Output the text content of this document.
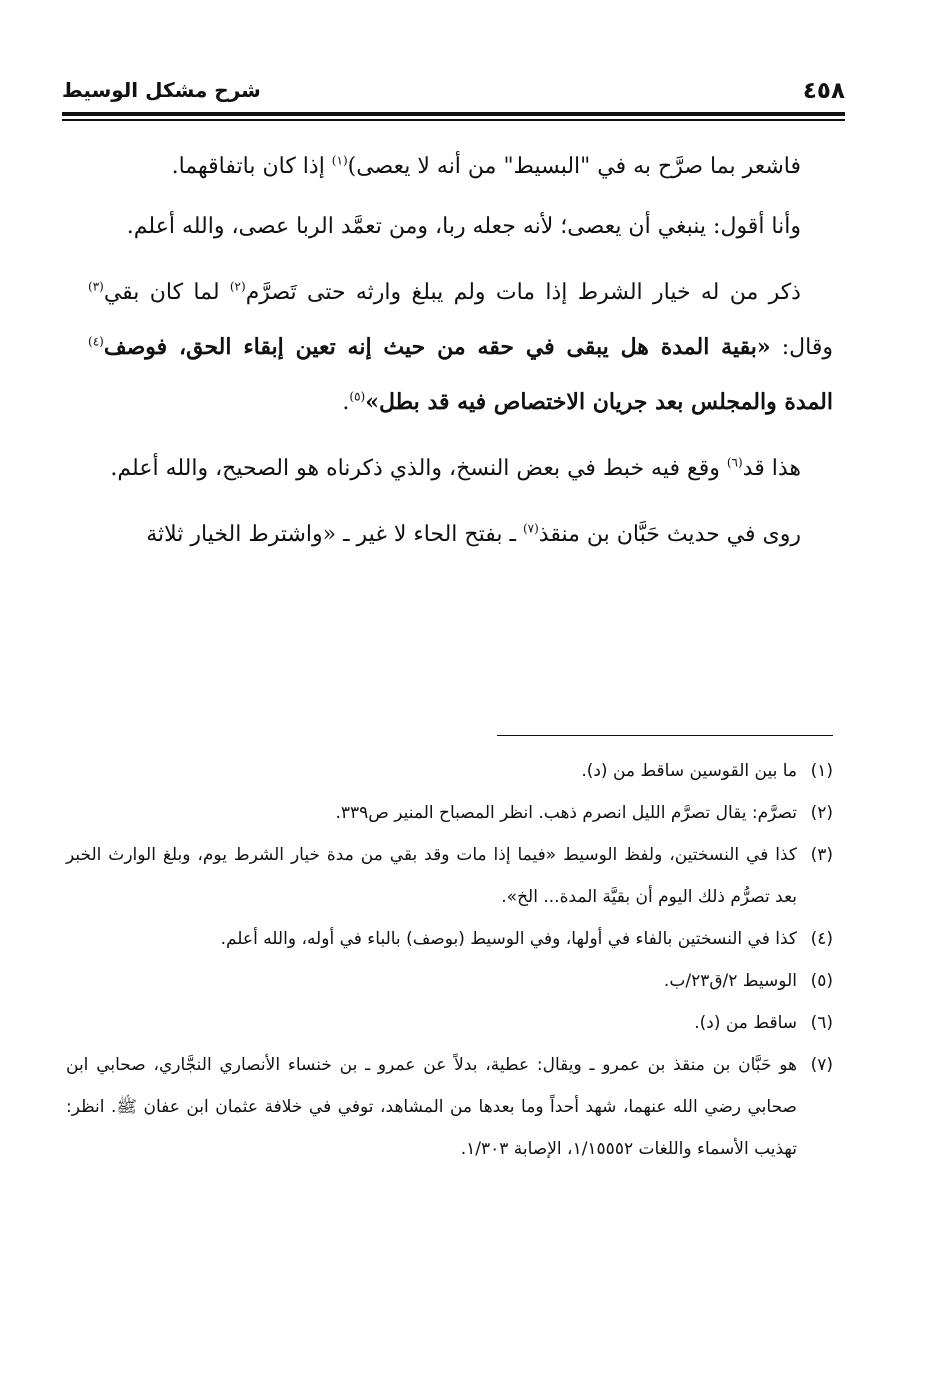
٤٥٨
شرح مشكل الوسيط

فاشعر بما صرَّح به في "البسيط" من أنه لا يعصى)$^{(١)}$ إذا كان باتفاقهما.

وأنا أقول: ينبغي أن يعصى؛ لأنه جعله ربا، ومن تعمَّد الربا عصى، والله أعلم.

ذكر من له خيار الشرط إذا مات ولم يبلغ وارثه حتى تَصرَّم$^{(٢)}$ لما كان بقي$^{(٣)}$ وقال: «بقية المدة هل يبقى في حقه من حيث إنه تعين إبقاء الحق، فوصف$^{(٤)}$ المدة والمجلس بعد جريان الاختصاص فيه قد بطل»$^{(٥)}$.

هذا قد$^{(٦)}$ وقع فيه خبط في بعض النسخ، والذي ذكرناه هو الصحيح، والله أعلم.

روى في حديث حَبَّان بن منقذ$^{(٧)}$ ـ بفتح الحاء لا غير ـ «واشترط الخيار ثلاثة

(١)ما بين القوسين ساقط من (د).

(٢)تصرَّم: يقال تصرَّم الليل انصرم ذهب. انظر المصباح المنير ص٣٣٩.

(٣)كذا في النسختين، ولفظ الوسيط «فيما إذا مات وقد بقي من مدة خيار الشرط يوم، وبلغ الوارث الخبر بعد تصرُّم ذلك اليوم أن بقيَّة المدة... الخ».

(٤)كذا في النسختين بالفاء في أولها، وفي الوسيط (بوصف) بالباء في أوله، والله أعلم.

(٥)الوسيط ٢/ق٢٣/ب.

(٦)ساقط من (د).

(٧)هو حَبَّان بن منقذ بن عمرو ـ ويقال: عطية، بدلاً عن عمرو ـ بن خنساء الأنصاري النجَّاري، صحابي ابن صحابي رضي الله عنهما، شهد أحداً وما بعدها من المشاهد، توفي في خلافة عثمان ابن عفان ﷺ. انظر: تهذيب الأسماء واللغات ١/١٥٥٥٢، الإصابة ١/٣٠٣.
